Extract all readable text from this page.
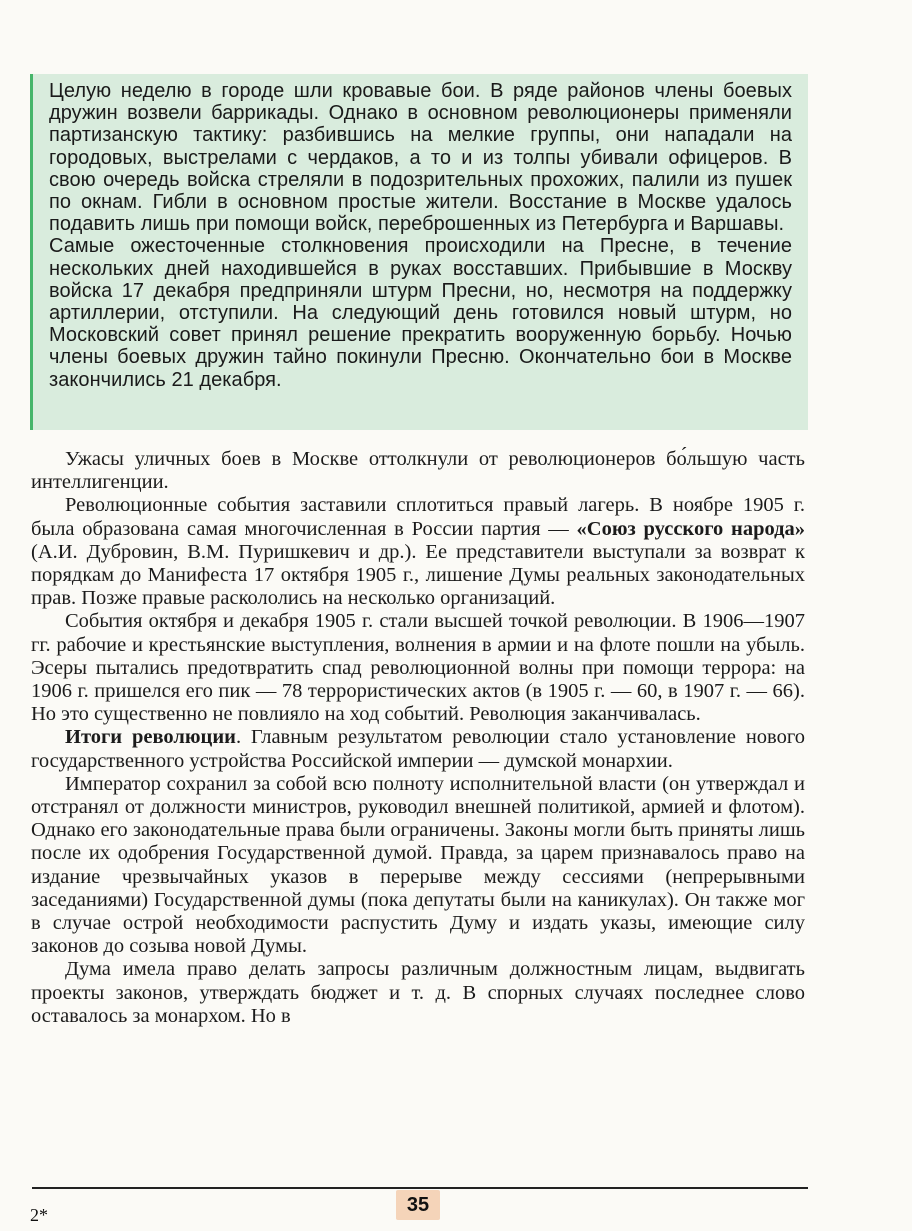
Целую неделю в городе шли кровавые бои. В ряде районов члены боевых дружин возвели баррикады. Однако в основном революционеры применяли партизанскую тактику: разбившись на мелкие группы, они нападали на городовых, выстрелами с чердаков, а то и из толпы убивали офицеров. В свою очередь войска стреляли в подозрительных прохожих, палили из пушек по окнам. Гибли в основном простые жители. Восстание в Москве удалось подавить лишь при помощи войск, переброшенных из Петербурга и Варшавы.

Самые ожесточенные столкновения происходили на Пресне, в течение нескольких дней находившейся в руках восставших. Прибывшие в Москву войска 17 декабря предприняли штурм Пресни, но, несмотря на поддержку артиллерии, отступили. На следующий день готовился новый штурм, но Московский совет принял решение прекратить вооруженную борьбу. Ночью члены боевых дружин тайно покинули Пресню. Окончательно бои в Москве закончились 21 декабря.

Ужасы уличных боев в Москве оттолкнули от революционеров бо́льшую часть интеллигенции.

Революционные события заставили сплотиться правый лагерь. В ноябре 1905 г. была образована самая многочисленная в России партия — «Союз русского народа» (А.И. Дубровин, В.М. Пуришкевич и др.). Ее представители выступали за возврат к порядкам до Манифеста 17 октября 1905 г., лишение Думы реальных законодательных прав. Позже правые раскололись на несколько организаций.

События октября и декабря 1905 г. стали высшей точкой революции. В 1906—1907 гг. рабочие и крестьянские выступления, волнения в армии и на флоте пошли на убыль. Эсеры пытались предотвратить спад революционной волны при помощи террора: на 1906 г. пришелся его пик — 78 террористических актов (в 1905 г. — 60, в 1907 г. — 66). Но это существенно не повлияло на ход событий. Революция заканчивалась.

Итоги революции. Главным результатом революции стало установление нового государственного устройства Российской империи — думской монархии.

Император сохранил за собой всю полноту исполнительной власти (он утверждал и отстранял от должности министров, руководил внешней политикой, армией и флотом). Однако его законодательные права были ограничены. Законы могли быть приняты лишь после их одобрения Государственной думой. Правда, за царем признавалось право на издание чрезвычайных указов в перерыве между сессиями (непрерывными заседаниями) Государственной думы (пока депутаты были на каникулах). Он также мог в случае острой необходимости распустить Думу и издать указы, имеющие силу законов до созыва новой Думы.

Дума имела право делать запросы различным должностным лицам, выдвигать проекты законов, утверждать бюджет и т. д. В спорных случаях последнее слово оставалось за монархом. Но в

35
2*
